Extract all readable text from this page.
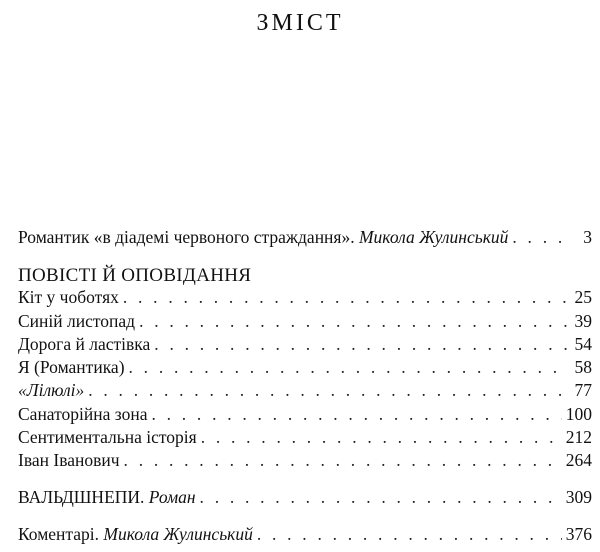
ЗМІСТ
Романтик «в діадемі червоного страждання». Микола Жулинський . . .	3
ПОВІСТІ Й ОПОВІДАННЯ
Кіт у чоботях . . .	25
Синій листопад . . .	39
Дорога й ластівка . . .	54
Я (Романтика) . . .	58
«Лілюлі» . . .	77
Санаторійна зона . . .	100
Сентиментальна історія . . .	212
Іван Іванович . . .	264
ВАЛЬДШНЕПИ. Роман . . .	309
Коментарі. Микола Жулинський . . .	376
